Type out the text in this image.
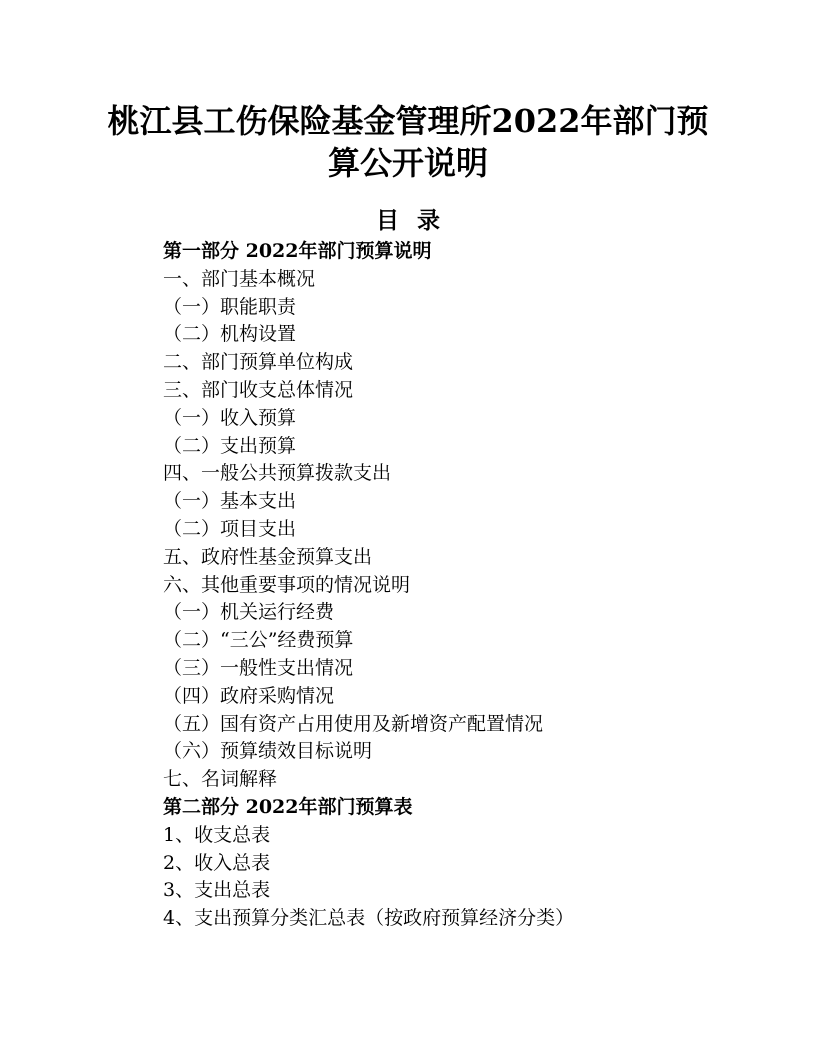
桃江县工伤保险基金管理所2022年部门预
算公开说明
目 录
第一部分 2022年部门预算说明
一、部门基本概况
（一）职能职责
（二）机构设置
二、部门预算单位构成
三、部门收支总体情况
（一）收入预算
（二）支出预算
四、一般公共预算拨款支出
（一）基本支出
（二）项目支出
五、政府性基金预算支出
六、其他重要事项的情况说明
（一）机关运行经费
（二）“三公”经费预算
（三）一般性支出情况
（四）政府采购情况
（五）国有资产占用使用及新增资产配置情况
（六）预算绩效目标说明
七、名词解释
第二部分 2022年部门预算表
1、收支总表
2、收入总表
3、支出总表
4、支出预算分类汇总表（按政府预算经济分类）
